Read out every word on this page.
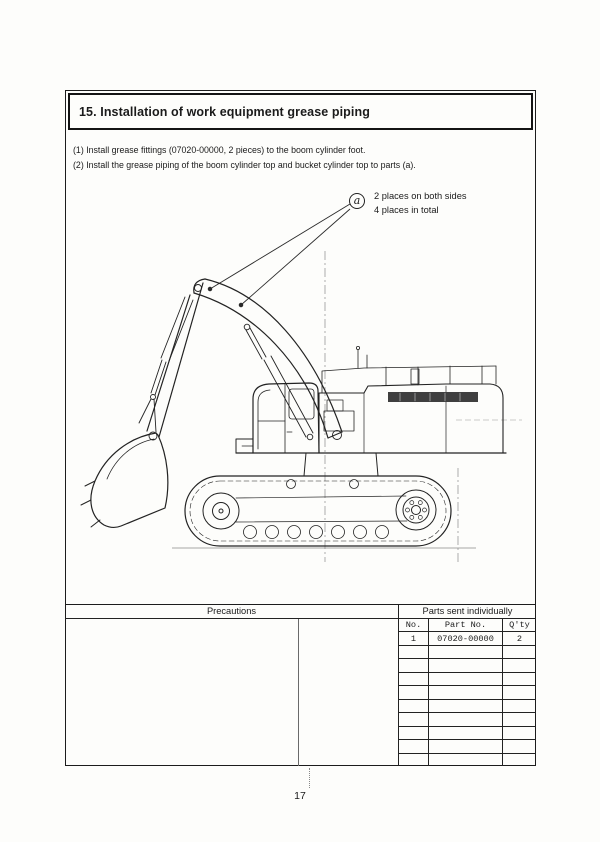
15. Installation of work equipment grease piping
(1) Install grease fittings (07020-00000, 2 pieces) to the boom cylinder foot.
(2) Install the grease piping of the boom cylinder top and bucket cylinder top to parts (a).
a	2 places on both sides
4 places in total
Precautions	Parts sent individually
No.	Part No.	Q'ty
1	07020-00000	2
17
